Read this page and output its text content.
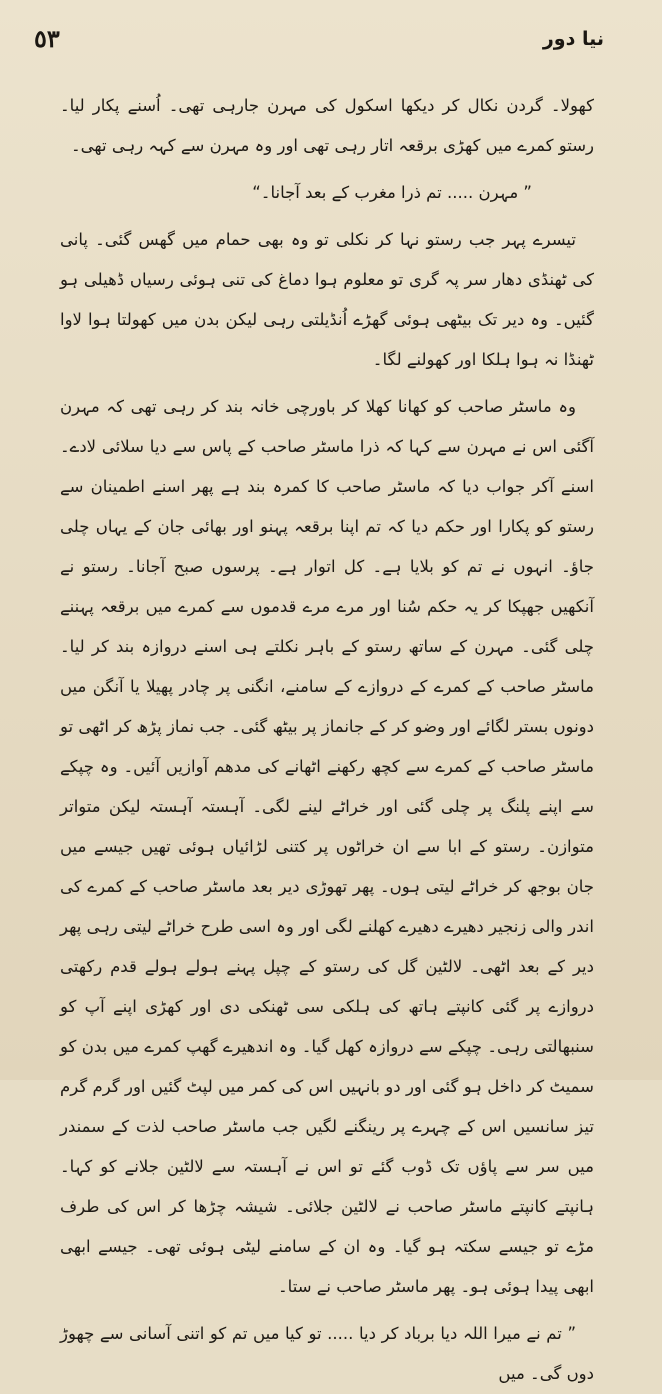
٥٣	نیا دور

کھولا۔ گردن نکال کر دیکھا اسکول کی مہرن جارہی تھی۔ اُسنے پکار لیا۔ رستو کمرے میں کھڑی برقعہ اتار رہی تھی اور وہ مہرن سے کہہ رہی تھی۔

” مہرن ..... تم ذرا مغرب کے بعد آجانا۔“

تیسرے پہر جب رستو نہا کر نکلی تو وہ بھی حمام میں گھس گئی۔ پانی کی ٹھنڈی دھار سر پہ گری تو معلوم ہوا دماغ کی تنی ہوئی رسیاں ڈھیلی ہو گئیں۔ وہ دیر تک بیٹھی ہوئی گھڑے اُنڈیلتی رہی لیکن بدن میں کھولتا ہوا لاوا ٹھنڈا نہ ہوا ہلکا اور کھولنے لگا۔

وہ ماسٹر صاحب کو کھانا کھلا کر باورچی خانہ بند کر رہی تھی کہ مہرن آگئی اس نے مہرن سے کہا کہ ذرا ماسٹر صاحب کے پاس سے دیا سلائی لادے۔ اسنے آکر جواب دیا کہ ماسٹر صاحب کا کمرہ بند ہے پھر اسنے اطمینان سے رستو کو پکارا اور حکم دیا کہ تم اپنا برقعہ پہنو اور بھائی جان کے یہاں چلی جاؤ۔ انہوں نے تم کو بلایا ہے۔ کل اتوار ہے۔ پرسوں صبح آجانا۔ رستو نے آنکھیں جھپکا کر یہ حکم سُنا اور مرے مرے قدموں سے کمرے میں برقعہ پہننے چلی گئی۔ مہرن کے ساتھ رستو کے باہر نکلتے ہی اسنے دروازہ بند کر لیا۔ ماسٹر صاحب کے کمرے کے دروازے کے سامنے، انگنی پر چادر پھیلا یا آنگن میں دونوں بستر لگائے اور وضو کر کے جانماز پر بیٹھ گئی۔ جب نماز پڑھ کر اٹھی تو ماسٹر صاحب کے کمرے سے کچھ رکھنے اٹھانے کی مدھم آوازیں آئیں۔ وہ چپکے سے اپنے پلنگ پر چلی گئی اور خراٹے لینے لگی۔ آہستہ آہستہ لیکن متواتر متوازن۔ رستو کے ابا سے ان خراٹوں پر کتنی لڑائیاں ہوئی تھیں جیسے میں جان بوجھ کر خراٹے لیتی ہوں۔ پھر تھوڑی دیر بعد ماسٹر صاحب کے کمرے کی اندر والی زنجیر دھیرے دھیرے کھلنے لگی اور وہ اسی طرح خراٹے لیتی رہی پھر دیر کے بعد اٹھی۔ لالٹین گل کی رستو کے چپل پہنے ہولے ہولے قدم رکھتی دروازے پر گئی کانپتے ہاتھ کی ہلکی سی ٹھنکی دی اور کھڑی اپنے آپ کو سنبھالتی رہی۔ چپکے سے دروازہ کھل گیا۔ وہ اندھیرے گھپ کمرے میں بدن کو سمیٹ کر داخل ہو گئی اور دو بانہیں اس کی کمر میں لپٹ گئیں اور گرم گرم تیز سانسیں اس کے چہرے پر رینگنے لگیں جب ماسٹر صاحب لذت کے سمندر میں سر سے پاؤں تک ڈوب گئے تو اس نے آہستہ سے لالٹین جلانے کو کہا۔ ہانپتے کانپتے ماسٹر صاحب نے لالٹین جلائی۔ شیشہ چڑھا کر اس کی طرف مڑے تو جیسے سکتہ ہو گیا۔ وہ ان کے سامنے لیٹی ہوئی تھی۔ جیسے ابھی ابھی پیدا ہوئی ہو۔ پھر ماسٹر صاحب نے ستا۔

” تم نے میرا اللہ دیا برباد کر دیا ..... تو کیا میں تم کو اتنی آسانی سے چھوڑ دوں گی۔ میں
